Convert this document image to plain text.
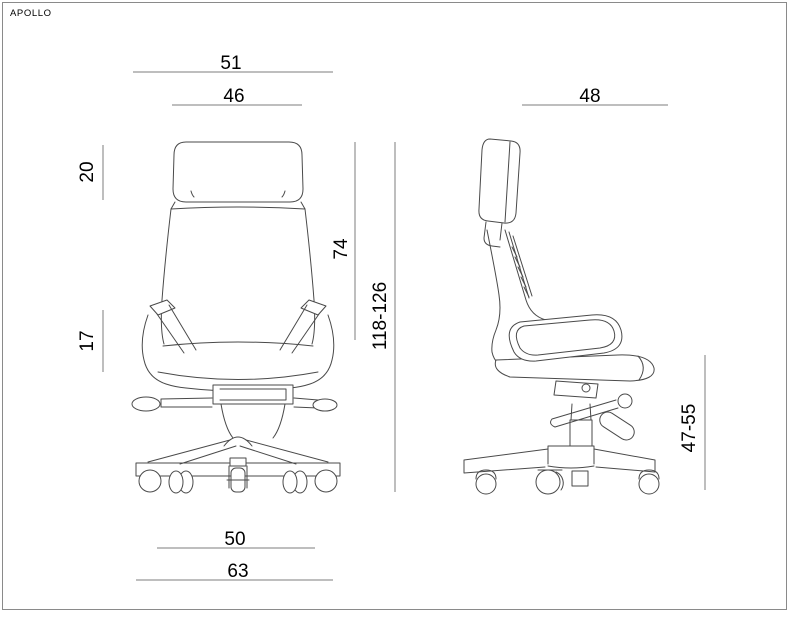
APOLLO
51
46
20
17
74
118-126
50
63
48
47-55
